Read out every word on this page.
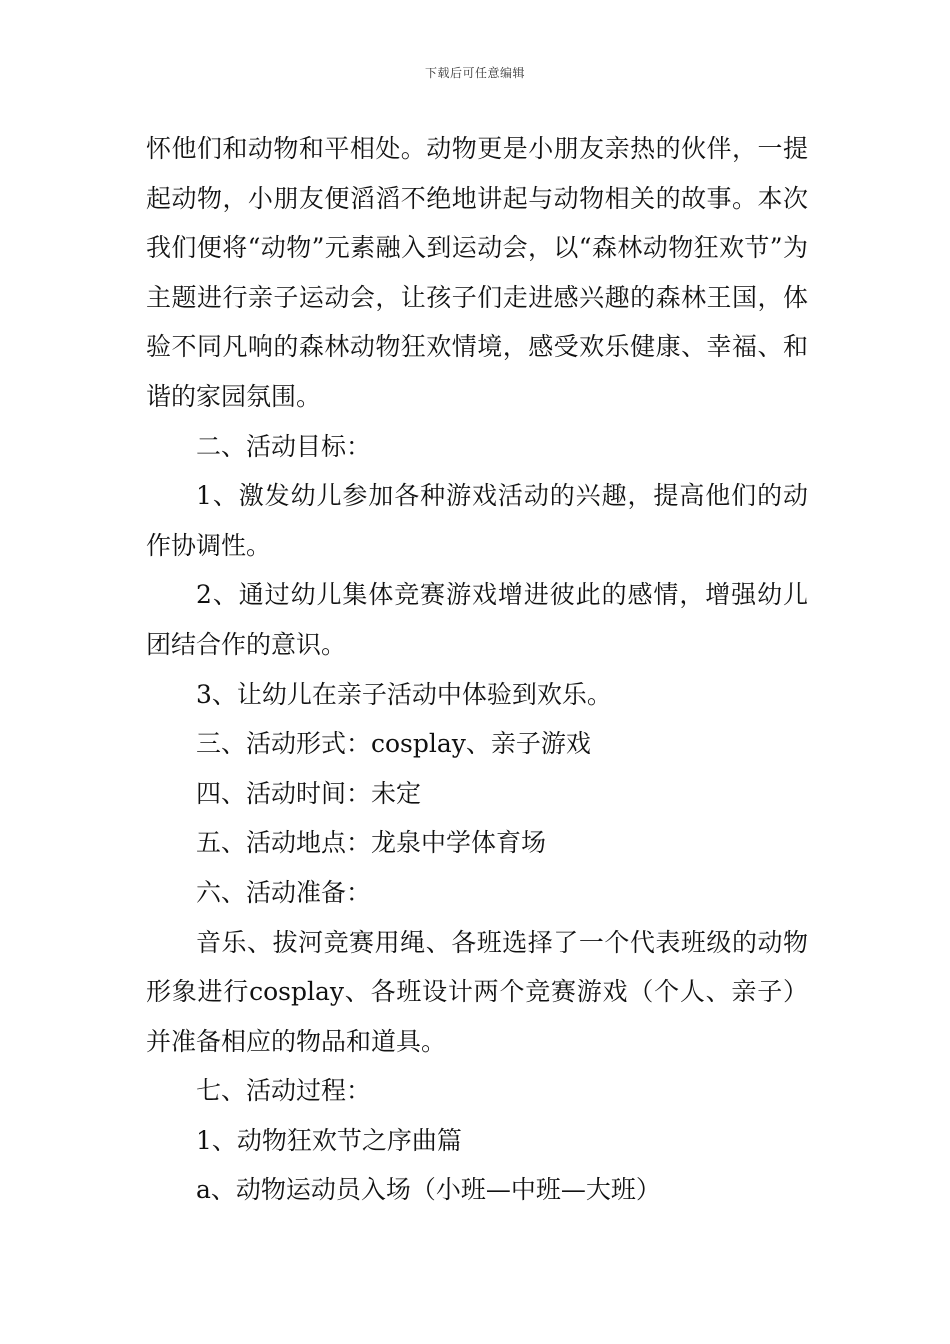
下载后可任意编辑

怀他们和动物和平相处。动物更是小朋友亲热的伙伴，一提起动物，小朋友便滔滔不绝地讲起与动物相关的故事。本次我们便将“动物”元素融入到运动会，以“森林动物狂欢节”为主题进行亲子运动会，让孩子们走进感兴趣的森林王国，体验不同凡响的森林动物狂欢情境，感受欢乐健康、幸福、和谐的家园氛围。

二、活动目标：

1、激发幼儿参加各种游戏活动的兴趣，提高他们的动作协调性。

2、通过幼儿集体竞赛游戏增进彼此的感情，增强幼儿团结合作的意识。

3、让幼儿在亲子活动中体验到欢乐。

三、活动形式：cosplay、亲子游戏

四、活动时间：未定

五、活动地点：龙泉中学体育场

六、活动准备：

音乐、拔河竞赛用绳、各班选择了一个代表班级的动物形象进行cosplay、各班设计两个竞赛游戏（个人、亲子）并准备相应的物品和道具。

七、活动过程：

1、动物狂欢节之序曲篇

a、动物运动员入场（小班—中班—大班）
